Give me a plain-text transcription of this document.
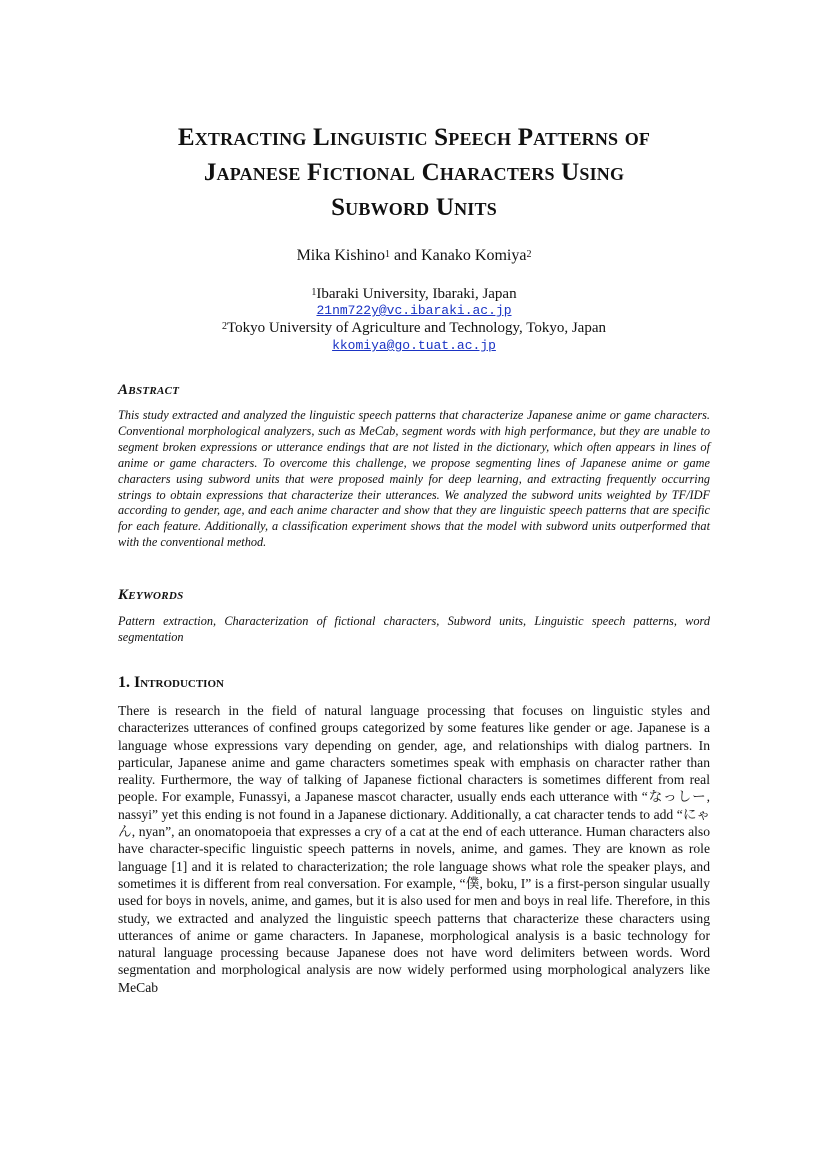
Extracting Linguistic Speech Patterns of
Japanese Fictional Characters Using
Subword Units
Mika Kishino$^1$ and Kanako Komiya$^2$
$^1$Ibaraki University, Ibaraki, Japan
21nm722y@vc.ibaraki.ac.jp
$^2$Tokyo University of Agriculture and Technology, Tokyo, Japan
kkomiya@go.tuat.ac.jp
Abstract
This study extracted and analyzed the linguistic speech patterns that characterize Japanese anime or game characters. Conventional morphological analyzers, such as MeCab, segment words with high performance, but they are unable to segment broken expressions or utterance endings that are not listed in the dictionary, which often appears in lines of anime or game characters. To overcome this challenge, we propose segmenting lines of Japanese anime or game characters using subword units that were proposed mainly for deep learning, and extracting frequently occurring strings to obtain expressions that characterize their utterances. We analyzed the subword units weighted by TF/IDF according to gender, age, and each anime character and show that they are linguistic speech patterns that are specific for each feature. Additionally, a classification experiment shows that the model with subword units outperformed that with the conventional method.
Keywords
Pattern extraction, Characterization of fictional characters, Subword units, Linguistic speech patterns, word segmentation
1. Introduction
There is research in the field of natural language processing that focuses on linguistic styles and characterizes utterances of confined groups categorized by some features like gender or age. Japanese is a language whose expressions vary depending on gender, age, and relationships with dialog partners. In particular, Japanese anime and game characters sometimes speak with emphasis on character rather than reality. Furthermore, the way of talking of Japanese fictional characters is sometimes different from real people. For example, Funassyi, a Japanese mascot character, usually ends each utterance with “なっしー, nassyi” yet this ending is not found in a Japanese dictionary. Additionally, a cat character tends to add “にゃん, nyan”, an onomatopoeia that expresses a cry of a cat at the end of each utterance. Human characters also have character-specific linguistic speech patterns in novels, anime, and games. They are known as role language [1] and it is related to characterization; the role language shows what role the speaker plays, and sometimes it is different from real conversation. For example, “僕, boku, I” is a first-person singular usually used for boys in novels, anime, and games, but it is also used for men and boys in real life. Therefore, in this study, we extracted and analyzed the linguistic speech patterns that characterize these characters using utterances of anime or game characters. In Japanese, morphological analysis is a basic technology for natural language processing because Japanese does not have word delimiters between words. Word segmentation and morphological analysis are now widely performed using morphological analyzers like MeCab
